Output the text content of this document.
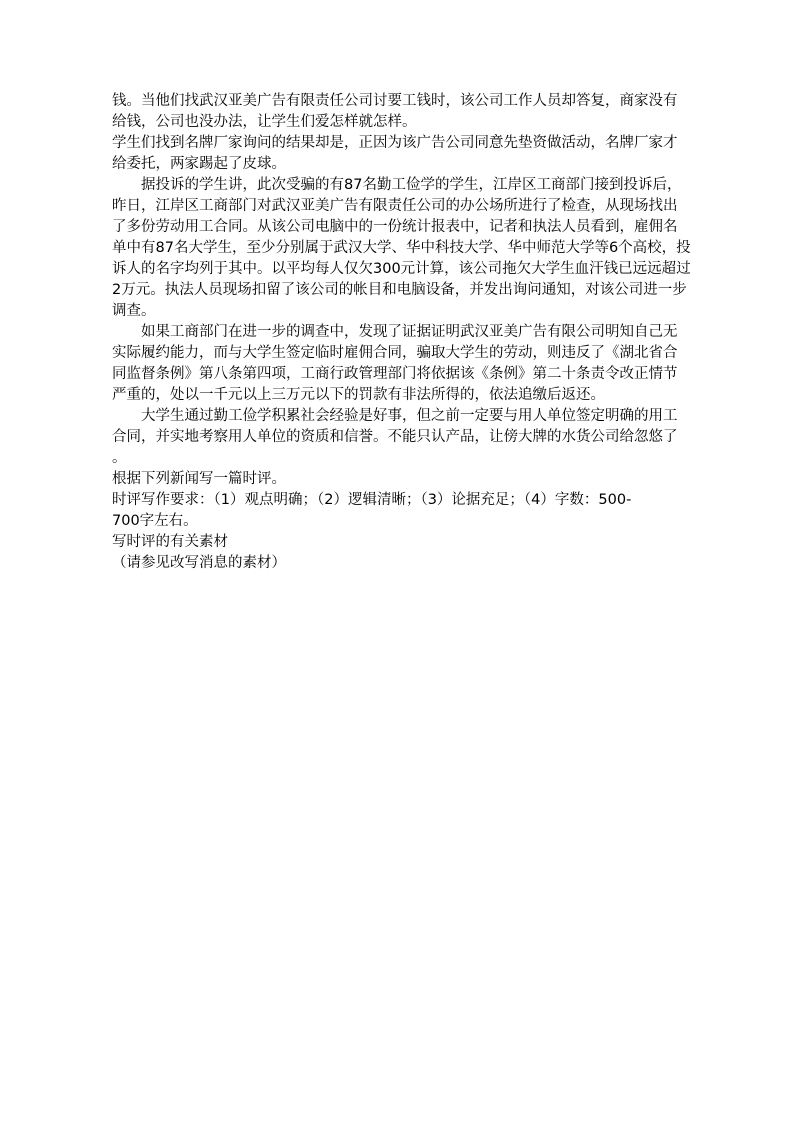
钱。当他们找武汉亚美广告有限责任公司讨要工钱时，该公司工作人员却答复，商家没有
给钱，公司也没办法，让学生们爱怎样就怎样。
学生们找到名牌厂家询问的结果却是，正因为该广告公司同意先垫资做活动，名牌厂家才
给委托，两家踢起了皮球。
据投诉的学生讲，此次受骗的有87名勤工俭学的学生，江岸区工商部门接到投诉后，
昨日，江岸区工商部门对武汉亚美广告有限责任公司的办公场所进行了检查，从现场找出
了多份劳动用工合同。从该公司电脑中的一份统计报表中，记者和执法人员看到，雇佣名
单中有87名大学生，至少分别属于武汉大学、华中科技大学、华中师范大学等6个高校，投
诉人的名字均列于其中。以平均每人仅欠300元计算，该公司拖欠大学生血汗钱已远远超过
2万元。执法人员现场扣留了该公司的帐目和电脑设备，并发出询问通知，对该公司进一步
调查。
如果工商部门在进一步的调查中，发现了证据证明武汉亚美广告有限公司明知自己无
实际履约能力，而与大学生签定临时雇佣合同，骗取大学生的劳动，则违反了《湖北省合
同监督条例》第八条第四项，工商行政管理部门将依据该《条例》第二十条责令改正情节
严重的，处以一千元以上三万元以下的罚款有非法所得的，依法追缴后返还。
大学生通过勤工俭学积累社会经验是好事，但之前一定要与用人单位签定明确的用工
合同，并实地考察用人单位的资质和信誉。不能只认产品，让傍大牌的水货公司给忽悠了
。
根据下列新闻写一篇时评。
时评写作要求：（1）观点明确；（2）逻辑清晰；（3）论据充足；（4）字数：500-
700字左右。
写时评的有关素材
（请参见改写消息的素材）
